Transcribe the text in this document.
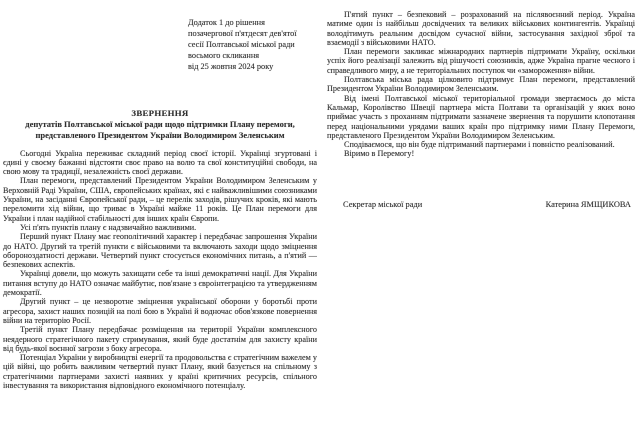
Додаток 1 до рішення
позачергової п'ятдесят дев'ятої
сесії Полтавської міської ради
восьмого скликання
від 25 жовтня 2024 року
ЗВЕРНЕННЯ
депутатів Полтавської міської ради щодо підтримки Плану перемоги,
представленого Президентом України Володимиром Зеленським

Сьогодні Україна переживає складний період своєї історії. Українці згуртовані і єдині у своєму бажанні відстояти своє право на волю та свої конституційні свободи, на свою мову та традиції, незалежність своєї держави.

План перемоги, представлений Президентом України Володимиром Зеленським у Верховній Раді України, США, європейських країнах, які є найважливішими союзниками України, на засіданні Європейської ради, – це перелік заходів, рішучих кроків, які мають переломити хід війни, що триває в Україні майже 11 років. Це План перемоги для України і план надійної стабільності для інших країн Європи.

Усі п'ять пунктів плану є надзвичайно важливими.

Перший пункт Плану має геополітичний характер і передбачає запрошення України до НАТО. Другий та третій пункти є військовими та включають заходи щодо зміцнення обороноздатності держави. Четвертий пункт стосується економічних питань, а п'ятий — безпекових аспектів.

Українці довели, що можуть захищати себе та інші демократичні нації. Для України питання вступу до НАТО означає майбутнє, пов'язане з євроінтеграцією та утвердженням демократії.

Другий пункт – це незворотне зміцнення української оборони у боротьбі проти агресора, захист наших позицій на полі бою в Україні й водночас обов'язкове повернення війни на територію Росії.

Третій пункт Плану передбачає розміщення на території України комплексного неядерного стратегічного пакету стримування, який буде достатнім для захисту країни від будь-якої воєнної загрози з боку агресора.

Потенціал України у виробництві енергії та продовольства є стратегічним важелем у цій війні, що робить важливим четвертий пункт Плану, який базується на спільному з стратегічними партнерами захисті наявних у країні критичних ресурсів, спільного інвестування та використання відповідного економічного потенціалу.

П'ятий пункт – безпековий – розрахований на післявоєнний період. Україна матиме один із найбільш досвідчених та великих військових контингентів. Українці володітимуть реальним досвідом сучасної війни, застосування західної зброї та взаємодії з військовими НАТО.

План перемоги закликає міжнародних партнерів підтримати Україну, оскільки успіх його реалізації залежить від рішучості союзників, адже Україна прагне чесного і справедливого миру, а не територіальних поступок чи «замороження» війни.

Полтавська міська рада цілковито підтримує План перемоги, представлений Президентом України Володимиром Зеленським.

Від імені Полтавської міської територіальної громади звертаємось до міста Кальмар, Королівство Швеції партнера міста Полтави та організацій у яких воно приймає участь з проханням підтримати зазначене звернення та порушити клопотання перед національними урядами ваших країн про підтримку ними Плану Перемоги, представленого Президентом України Володимиром Зеленським.

Сподіваємося, що він буде підтриманий партнерами і повністю реалізований.

Віримо в Перемогу!

Секретар міської ради	Катерина ЯМЩИКОВА
